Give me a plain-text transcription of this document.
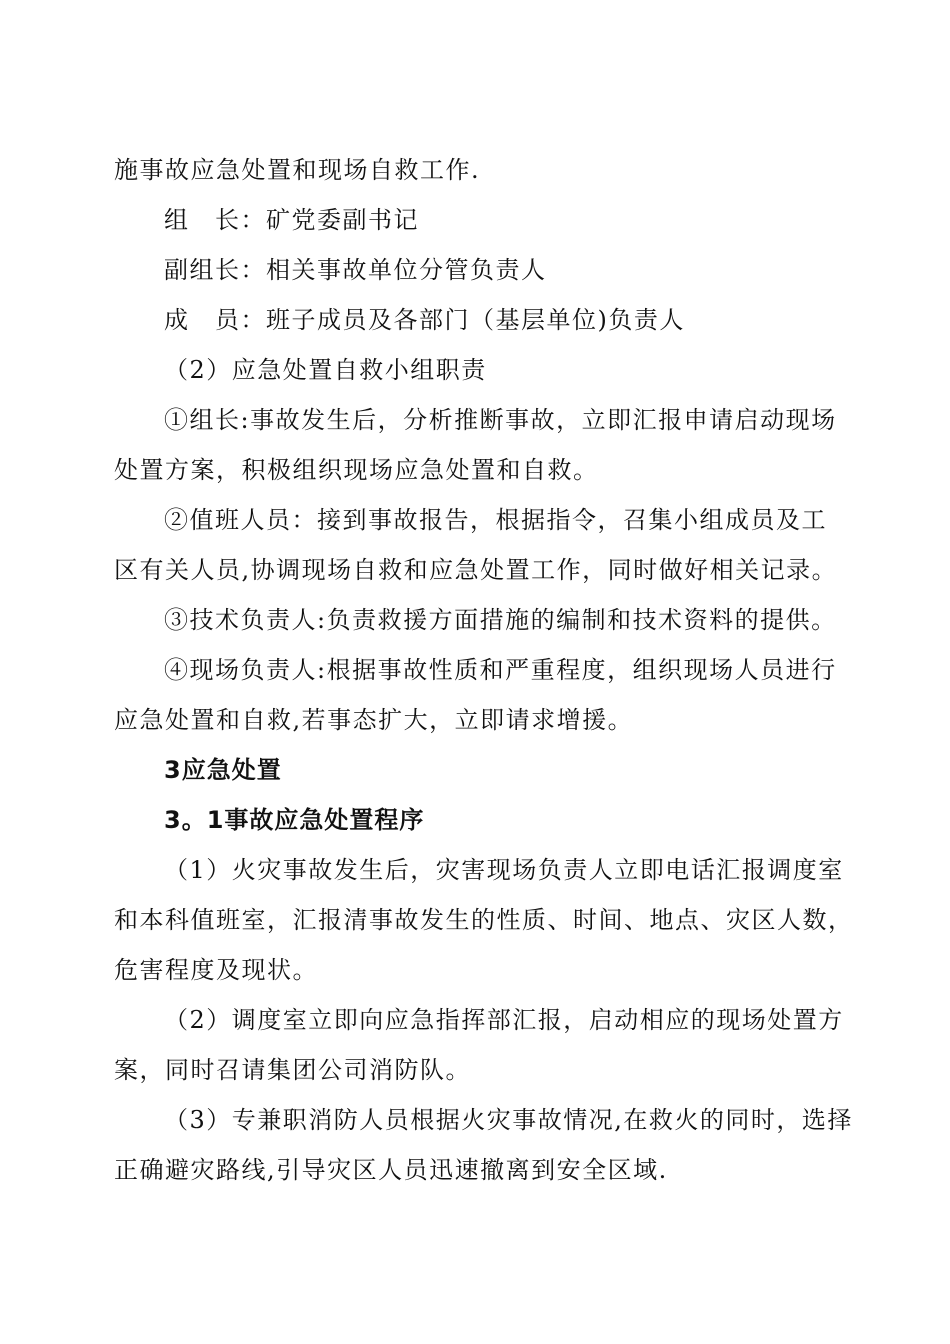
施事故应急处置和现场自救工作.
组　长：矿党委副书记
副组长：相关事故单位分管负责人
成　员：班子成员及各部门（基层单位)负责人
（2）应急处置自救小组职责
①组长:事故发生后，分析推断事故，立即汇报申请启动现场
处置方案，积极组织现场应急处置和自救。
②值班人员：接到事故报告，根据指令，召集小组成员及工
区有关人员,协调现场自救和应急处置工作，同时做好相关记录。
③技术负责人:负责救援方面措施的编制和技术资料的提供。
④现场负责人:根据事故性质和严重程度，组织现场人员进行
应急处置和自救,若事态扩大，立即请求增援。
3应急处置
3。1事故应急处置程序
（1）火灾事故发生后，灾害现场负责人立即电话汇报调度室
和本科值班室，汇报清事故发生的性质、时间、地点、灾区人数，
危害程度及现状。
（2）调度室立即向应急指挥部汇报，启动相应的现场处置方
案，同时召请集团公司消防队。
（3）专兼职消防人员根据火灾事故情况,在救火的同时，选择
正确避灾路线,引导灾区人员迅速撤离到安全区域.
